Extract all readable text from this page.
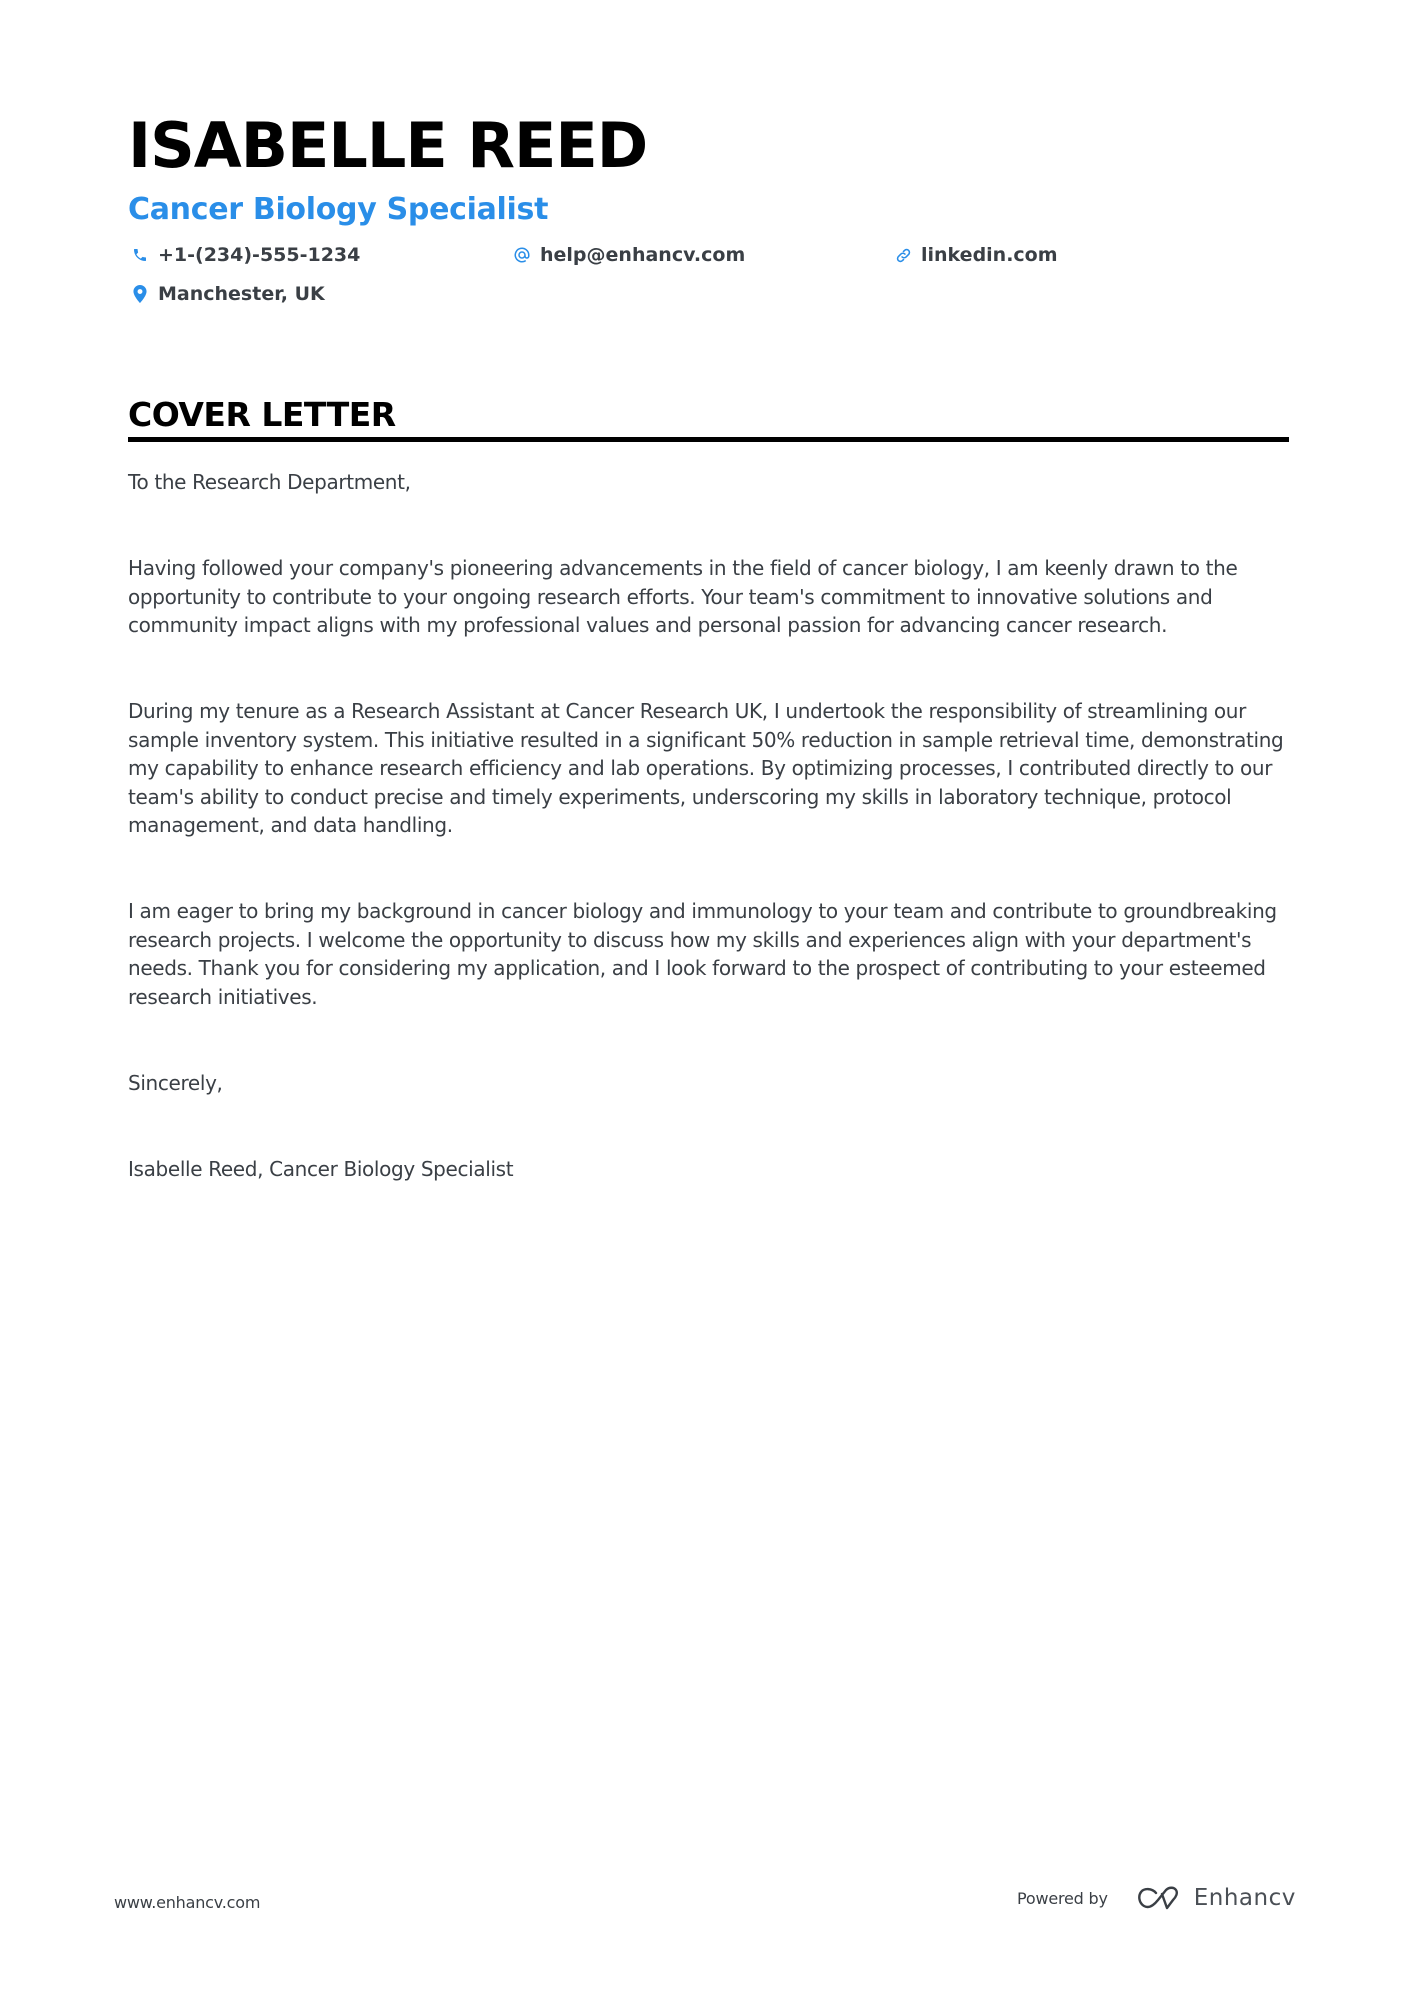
ISABELLE REED
Cancer Biology Specialist
+1-(234)-555-1234	help@enhancv.com	linkedin.com
Manchester, UK
COVER LETTER

To the Research Department,

Having followed your company's pioneering advancements in the field of cancer biology, I am keenly drawn to the opportunity to contribute to your ongoing research efforts. Your team's commitment to innovative solutions and community impact aligns with my professional values and personal passion for advancing cancer research.

During my tenure as a Research Assistant at Cancer Research UK, I undertook the responsibility of streamlining our sample inventory system. This initiative resulted in a significant 50% reduction in sample retrieval time, demonstrating my capability to enhance research efficiency and lab operations. By optimizing processes, I contributed directly to our team's ability to conduct precise and timely experiments, underscoring my skills in laboratory technique, protocol management, and data handling.

I am eager to bring my background in cancer biology and immunology to your team and contribute to groundbreaking research projects. I welcome the opportunity to discuss how my skills and experiences align with your department's needs. Thank you for considering my application, and I look forward to the prospect of contributing to your esteemed research initiatives.

Sincerely,

Isabelle Reed, Cancer Biology Specialist

www.enhancv.com	Powered by	Enhancv
